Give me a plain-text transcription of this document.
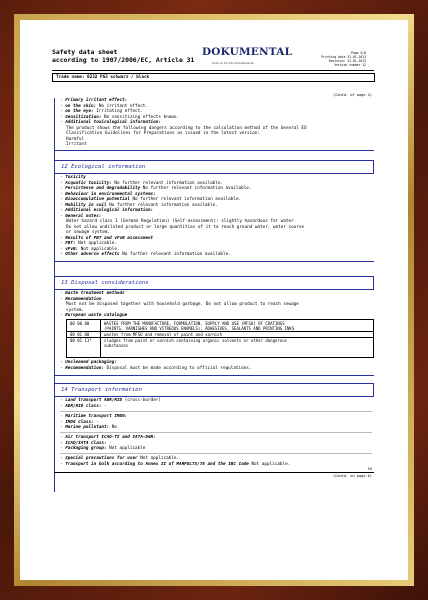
Safety data sheet
according to 1907/2006/EC, Article 31
DOKUMENTAL
Kuhn & Co KG Schreibwaren
Page 5/8
Printing date 31.01.2013
Revision: 31.01.2013
Version number 12
Trade name: 0232 PG3 schwarz / black
(Contd. of page 4)
· Primary irritant effect:
· on the skin: No irritant effect.
· on the eye: Irritating effect.
· Sensitization: No sensitizing effects known.
· Additional toxicological information:
The product shows the following dangers according to the calculation method of the General EU
Classification Guidelines for Preparations as issued in the latest version:
Harmful
Irritant
12 Ecological information
· Toxicity
· Acquatic toxicity: No further relevant information available.
· Persistence and degradability No further relevant information available.
· Behaviour in environmental systems:
· Bioaccumulative potential No further relevant information available.
· Mobility in soil No further relevant information available.
· Additional ecological information:
· General notes:
Water hazard class 1 (German Regulation) (Self-assessment): slightly hazardous for water
Do not allow undiluted product or large quantities of it to reach ground water, water course
or sewage system.
· Results of PBT and vPvB assessment
· PBT: Not applicable.
· vPvB: Not applicable.
· Other adverse effects No further relevant information available.
13 Disposal considerations
· Waste treatment methods
· Recommendation
Must not be disposed together with household garbage. Do not allow product to reach sewage
system.
· European waste catalogue
08 00 00	WASTES FROM THE MANUFACTURE, FORMULATION, SUPPLY AND USE (MFSU) OF COATINGS
(PAINTS, VARNISHES AND VITREOUS ENAMELS), ADHESIVES, SEALANTS AND PRINTING INKS
08 01 00	wastes from MFSU and removal of paint and varnish
08 01 11*	sludges from paint or varnish containing organic solvents or other dangerous
substances
· Uncleaned packaging:
· Recommendation: Disposal must be made according to official regulations.
14 Transport information
· Land transport ADR/RID (cross-border)
· ADR/RID class: -
· Maritime transport IMDG:
· IMDG Class: -
· Marine pollutant: No
· Air transport ICAO-TI and IATA-DGR:
· ICAO/IATA Class: -
· Packaging group: Not applicable
· Special precautions for user Not applicable.
· Transport in bulk according to Annex II of MARPOL73/78 and the IBC Code Not applicable.
EU
(Contd. on page 6)
